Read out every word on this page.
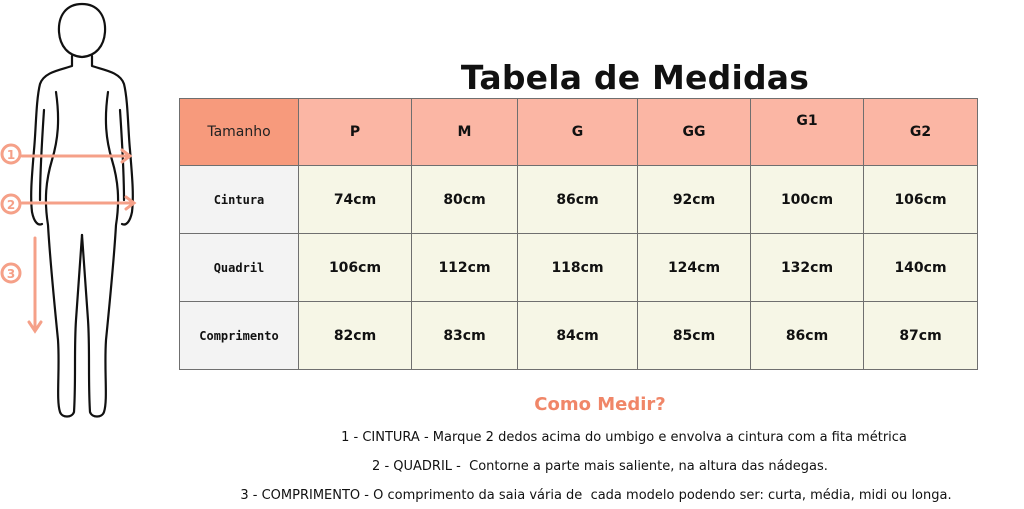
1
2
3
Tabela de Medidas
Tamanho	P	M	G	GG	G1	G2
Cintura	74cm	80cm	86cm	92cm	100cm	106cm
Quadril	106cm	112cm	118cm	124cm	132cm	140cm
Comprimento	82cm	83cm	84cm	85cm	86cm	87cm
Como Medir?
1 - CINTURA - Marque 2 dedos acima do umbigo e envolva a cintura com a fita métrica
2 - QUADRIL -  Contorne a parte mais saliente, na altura das nádegas.
3 - COMPRIMENTO - O comprimento da saia vária de  cada modelo podendo ser: curta, média, midi ou longa.
